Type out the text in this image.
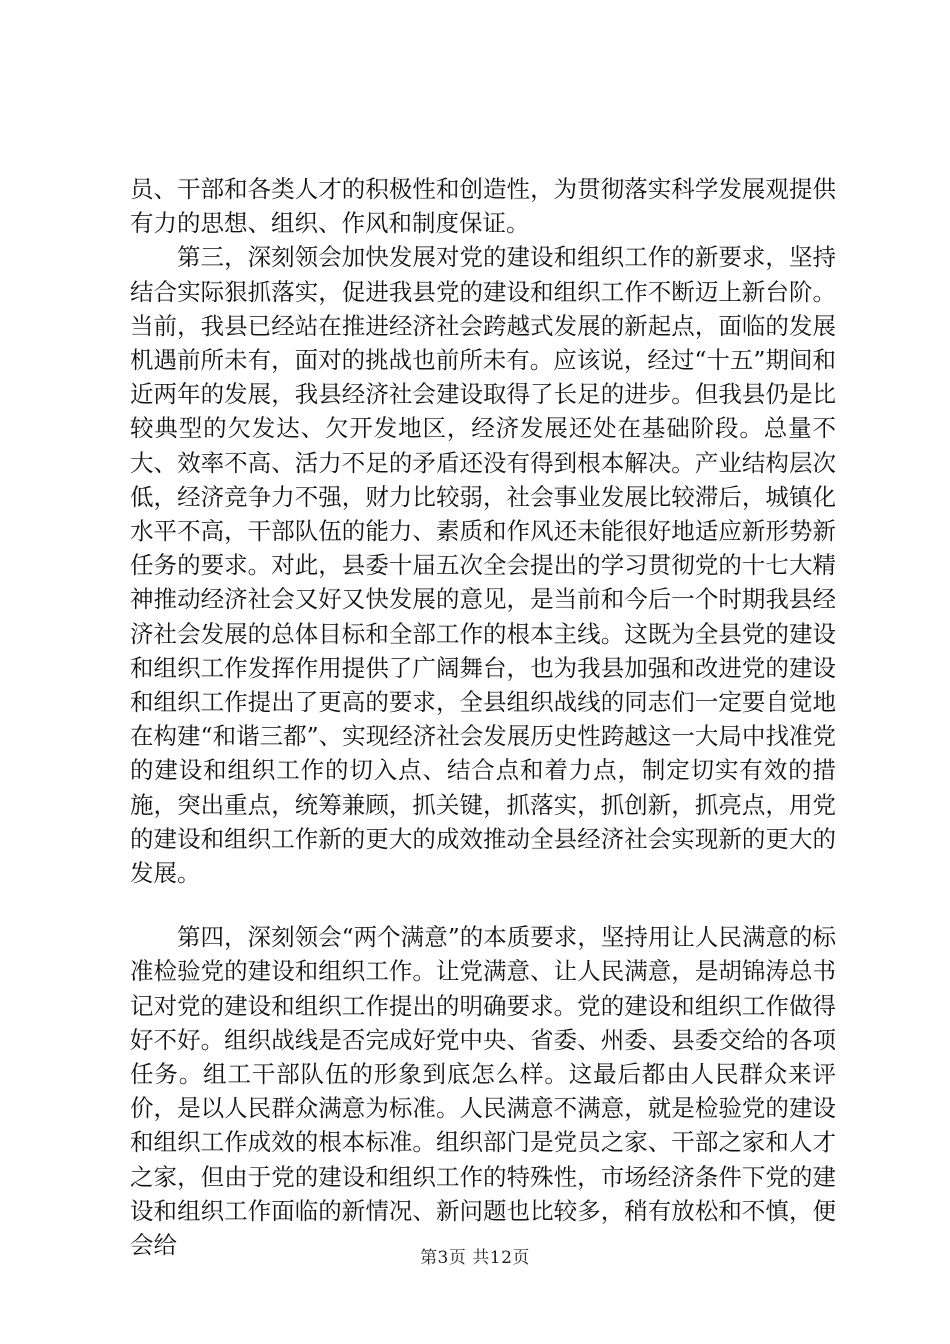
员、干部和各类人才的积极性和创造性，为贯彻落实科学发展观提供有力的思想、组织、作风和制度保证。

第三，深刻领会加快发展对党的建设和组织工作的新要求，坚持结合实际狠抓落实，促进我县党的建设和组织工作不断迈上新台阶。当前，我县已经站在推进经济社会跨越式发展的新起点，面临的发展机遇前所未有，面对的挑战也前所未有。应该说，经过“十五”期间和近两年的发展，我县经济社会建设取得了长足的进步。但我县仍是比较典型的欠发达、欠开发地区，经济发展还处在基础阶段。总量不大、效率不高、活力不足的矛盾还没有得到根本解决。产业结构层次低，经济竞争力不强，财力比较弱，社会事业发展比较滞后，城镇化水平不高，干部队伍的能力、素质和作风还未能很好地适应新形势新任务的要求。对此，县委十届五次全会提出的学习贯彻党的十七大精神推动经济社会又好又快发展的意见，是当前和今后一个时期我县经济社会发展的总体目标和全部工作的根本主线。这既为全县党的建设和组织工作发挥作用提供了广阔舞台，也为我县加强和改进党的建设和组织工作提出了更高的要求，全县组织战线的同志们一定要自觉地在构建“和谐三都”、实现经济社会发展历史性跨越这一大局中找准党的建设和组织工作的切入点、结合点和着力点，制定切实有效的措施，突出重点，统筹兼顾，抓关键，抓落实，抓创新，抓亮点，用党的建设和组织工作新的更大的成效推动全县经济社会实现新的更大的发展。

第四，深刻领会“两个满意”的本质要求，坚持用让人民满意的标准检验党的建设和组织工作。让党满意、让人民满意，是胡锦涛总书记对党的建设和组织工作提出的明确要求。党的建设和组织工作做得好不好。组织战线是否完成好党中央、省委、州委、县委交给的各项任务。组工干部队伍的形象到底怎么样。这最后都由人民群众来评价，是以人民群众满意为标准。人民满意不满意，就是检验党的建设和组织工作成效的根本标准。组织部门是党员之家、干部之家和人才之家，但由于党的建设和组织工作的特殊性，市场经济条件下党的建设和组织工作面临的新情况、新问题也比较多，稍有放松和不慎，便会给	第3页 共12页
